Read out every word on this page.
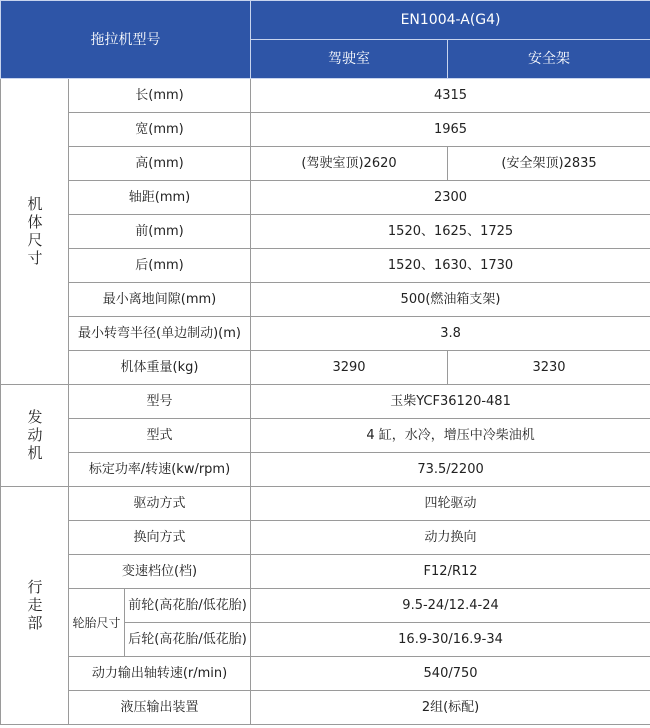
拖拉机型号			EN1004-A(G4)	
			驾驶室	安全架
机体尺寸	长(mm)		4315	
	宽(mm)		1965	
	高(mm)		(驾驶室顶)2620	(安全架顶)2835
	轴距(mm)		2300	
	前(mm)		1520、1625、1725	
	后(mm)		1520、1630、1730	
	最小离地间隙(mm)		500(燃油箱支架)	
	最小转弯半径(单边制动)(m)		3.8	
	机体重量(kg)		3290	3230
发动机	型号		玉柴YCF36120-481	
	型式		4 缸，水冷，增压中冷柴油机	
	标定功率/转速(kw/rpm)		73.5/2200	
行走部	驱动方式		四轮驱动	
	换向方式		动力换向	
	变速档位(档)		F12/R12	
	轮胎尺寸	前轮(高花胎/低花胎)	9.5-24/12.4-24	
		后轮(高花胎/低花胎)	16.9-30/16.9-34	
	动力输出轴转速(r/min)		540/750	
	液压输出装置		2组(标配)	
